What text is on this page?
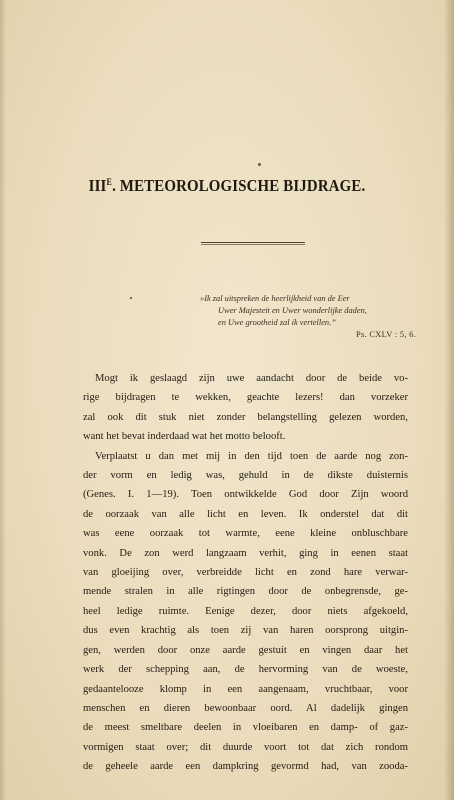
$III^E$. METEOROLOGISCHE BIJDRAGE.
»Ik zal uitspreken de heerlijkheid van de Eer
Uwer Majesteit en Uwer wonderlijke daden,
en Uwe grootheid zal ik vertellen.”
Ps. CXLV : 5, 6.
Mogt ik geslaagd zijn uwe aandacht door de beide vo-
rige bijdragen te wekken, geachte lezers! dan vorzeker
zal ook dit stuk niet zonder belangstelling gelezen worden,
want het bevat inderdaad wat het motto belooft.
Verplaatst u dan met mij in den tijd toen de aarde nog zon-
der vorm en ledig was, gehuld in de dikste duisternis
(Genes. I. 1—19). Toen ontwikkelde God door Zijn woord
de oorzaak van alle licht en leven. Ik onderstel dat dit
was eene oorzaak tot warmte, eene kleine onbluschbare
vonk. De zon werd langzaam verhit, ging in eenen staat
van gloeijing over, verbreidde licht en zond hare verwar-
mende stralen in alle rigtingen door de onbegrensde, ge-
heel ledige ruimte. Eenige dezer, door niets afgekoeld,
dus even krachtig als toen zij van haren oorsprong uitgin-
gen, werden door onze aarde gestuit en vingen daar het
werk der schepping aan, de hervorming van de woeste,
gedaantelooze klomp in een aangenaam, vruchtbaar, voor
menschen en dieren bewoonbaar oord. Al dadelijk gingen
de meest smeltbare deelen in vloeibaren en damp- of gaz-
vormigen staat over; dit duurde voort tot dat zich rondom
de geheele aarde een dampkring gevormd had, van zooda-
